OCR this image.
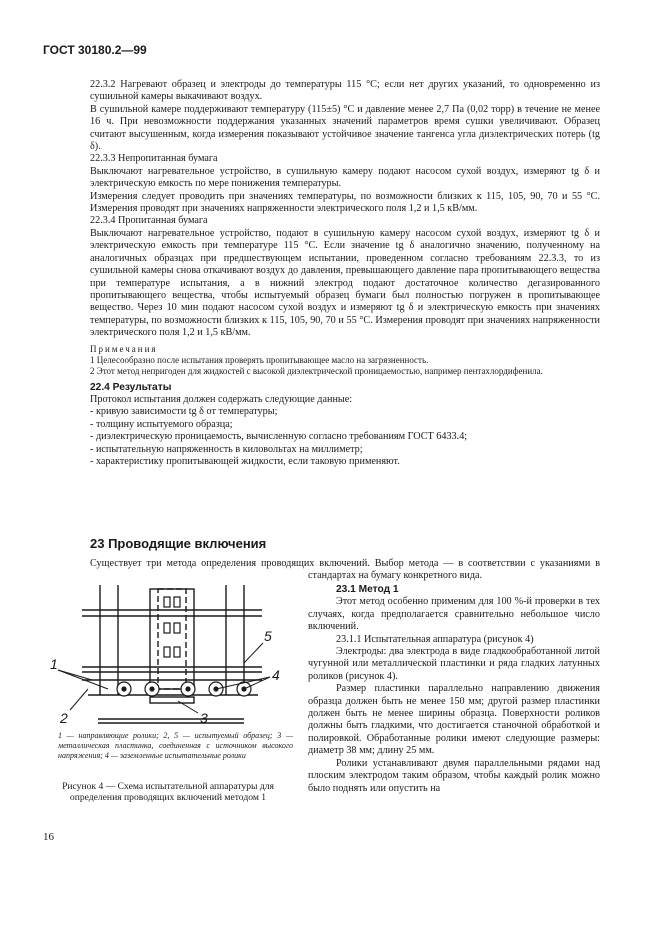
ГОСТ 30180.2—99

22.3.2 Нагревают образец и электроды до температуры 115 °С; если нет других указаний, то одновременно из сушильной камеры выкачивают воздух.

В сушильной камере поддерживают температуру (115±5) °С и давление менее 2,7 Па (0,02 торр) в течение не менее 16 ч. При невозможности поддержания указанных значений параметров время сушки увеличивают. Образец считают высушенным, когда измерения показывают устойчивое значение тангенса угла диэлектрических потерь (tg δ).

22.3.3 Непропитанная бумага

Выключают нагревательное устройство, в сушильную камеру подают насосом сухой воздух, измеряют tg δ и электрическую емкость по мере понижения температуры.

Измерения следует проводить при значениях температуры, по возможности близких к 115, 105, 90, 70 и 55 °С. Измерения проводят при значениях напряженности электрического поля 1,2 и 1,5 кВ/мм.

22.3.4 Пропитанная бумага

Выключают нагревательное устройство, подают в сушильную камеру насосом сухой воздух, измеряют tg δ и электрическую емкость при температуре 115 °С. Если значение tg δ аналогично значению, полученному на аналогичных образцах при предшествующем испытании, проведенном согласно требованиям 22.3.3, то из сушильной камеры снова откачивают воздух до давления, превышающего давление пара пропитывающего вещества при температуре испытания, а в нижний электрод подают достаточное количество дегазированного пропитывающего вещества, чтобы испытуемый образец бумаги был полностью погружен в пропитывающее вещество. Через 10 мин подают насосом сухой воздух и измеряют tg δ и электрическую емкость при значениях температуры, по возможности близких к 115, 105, 90, 70 и 55 °С. Измерения проводят при значениях напряженности электрического поля 1,2 и 1,5 кВ/мм.

Примечания

1 Целесообразно после испытания проверять пропитывающее масло на загрязненность.

2 Этот метод непригоден для жидкостей с высокой диэлектрической проницаемостью, например пентахлордифенила.

22.4 Результаты

Протокол испытания должен содержать следующие данные:

- кривую зависимости tg δ от температуры;

- толщину испытуемого образца;

- диэлектрическую проницаемость, вычисленную согласно требованиям ГОСТ 6433.4;

- испытательную напряженность в киловольтах на миллиметр;

- характеристику пропитывающей жидкости, если таковую применяют.

23 Проводящие включения

Существует три метода определения проводящих включений. Выбор метода — в соответствии с указаниями в стандартах на бумагу конкретного вида.

23.1 Метод 1

Этот метод особенно применим для 100 %-й проверки в тех случаях, когда предполагается сравнительно небольшое число включений.

23.1.1 Испытательная аппаратура (рисунок 4)

Электроды: два электрода в виде гладкообработанной литой чугунной или металлической пластинки и ряда гладких латунных роликов (рисунок 4).

Размер пластинки параллельно направлению движения образца должен быть не менее 150 мм; другой размер пластинки должен быть не менее ширины образца. Поверхности роликов должны быть гладкими, что достигается станочной обработкой и полировкой. Обработанные ролики имеют следующие размеры: диаметр 38 мм; длину 25 мм.

Ролики устанавливают двумя параллельными рядами над плоским электродом таким образом, чтобы каждый ролик можно было поднять или опустить на

1
2	3
4
5
1 — направляющие ролики; 2, 5 — испытуемый образец; 3 — металлическая пластинка, соединенная с источником высокого напряжения; 4 — заземленные испытательные ролики
Рисунок 4 — Схема испытательной аппаратуры для определения проводящих включений методом 1
16
